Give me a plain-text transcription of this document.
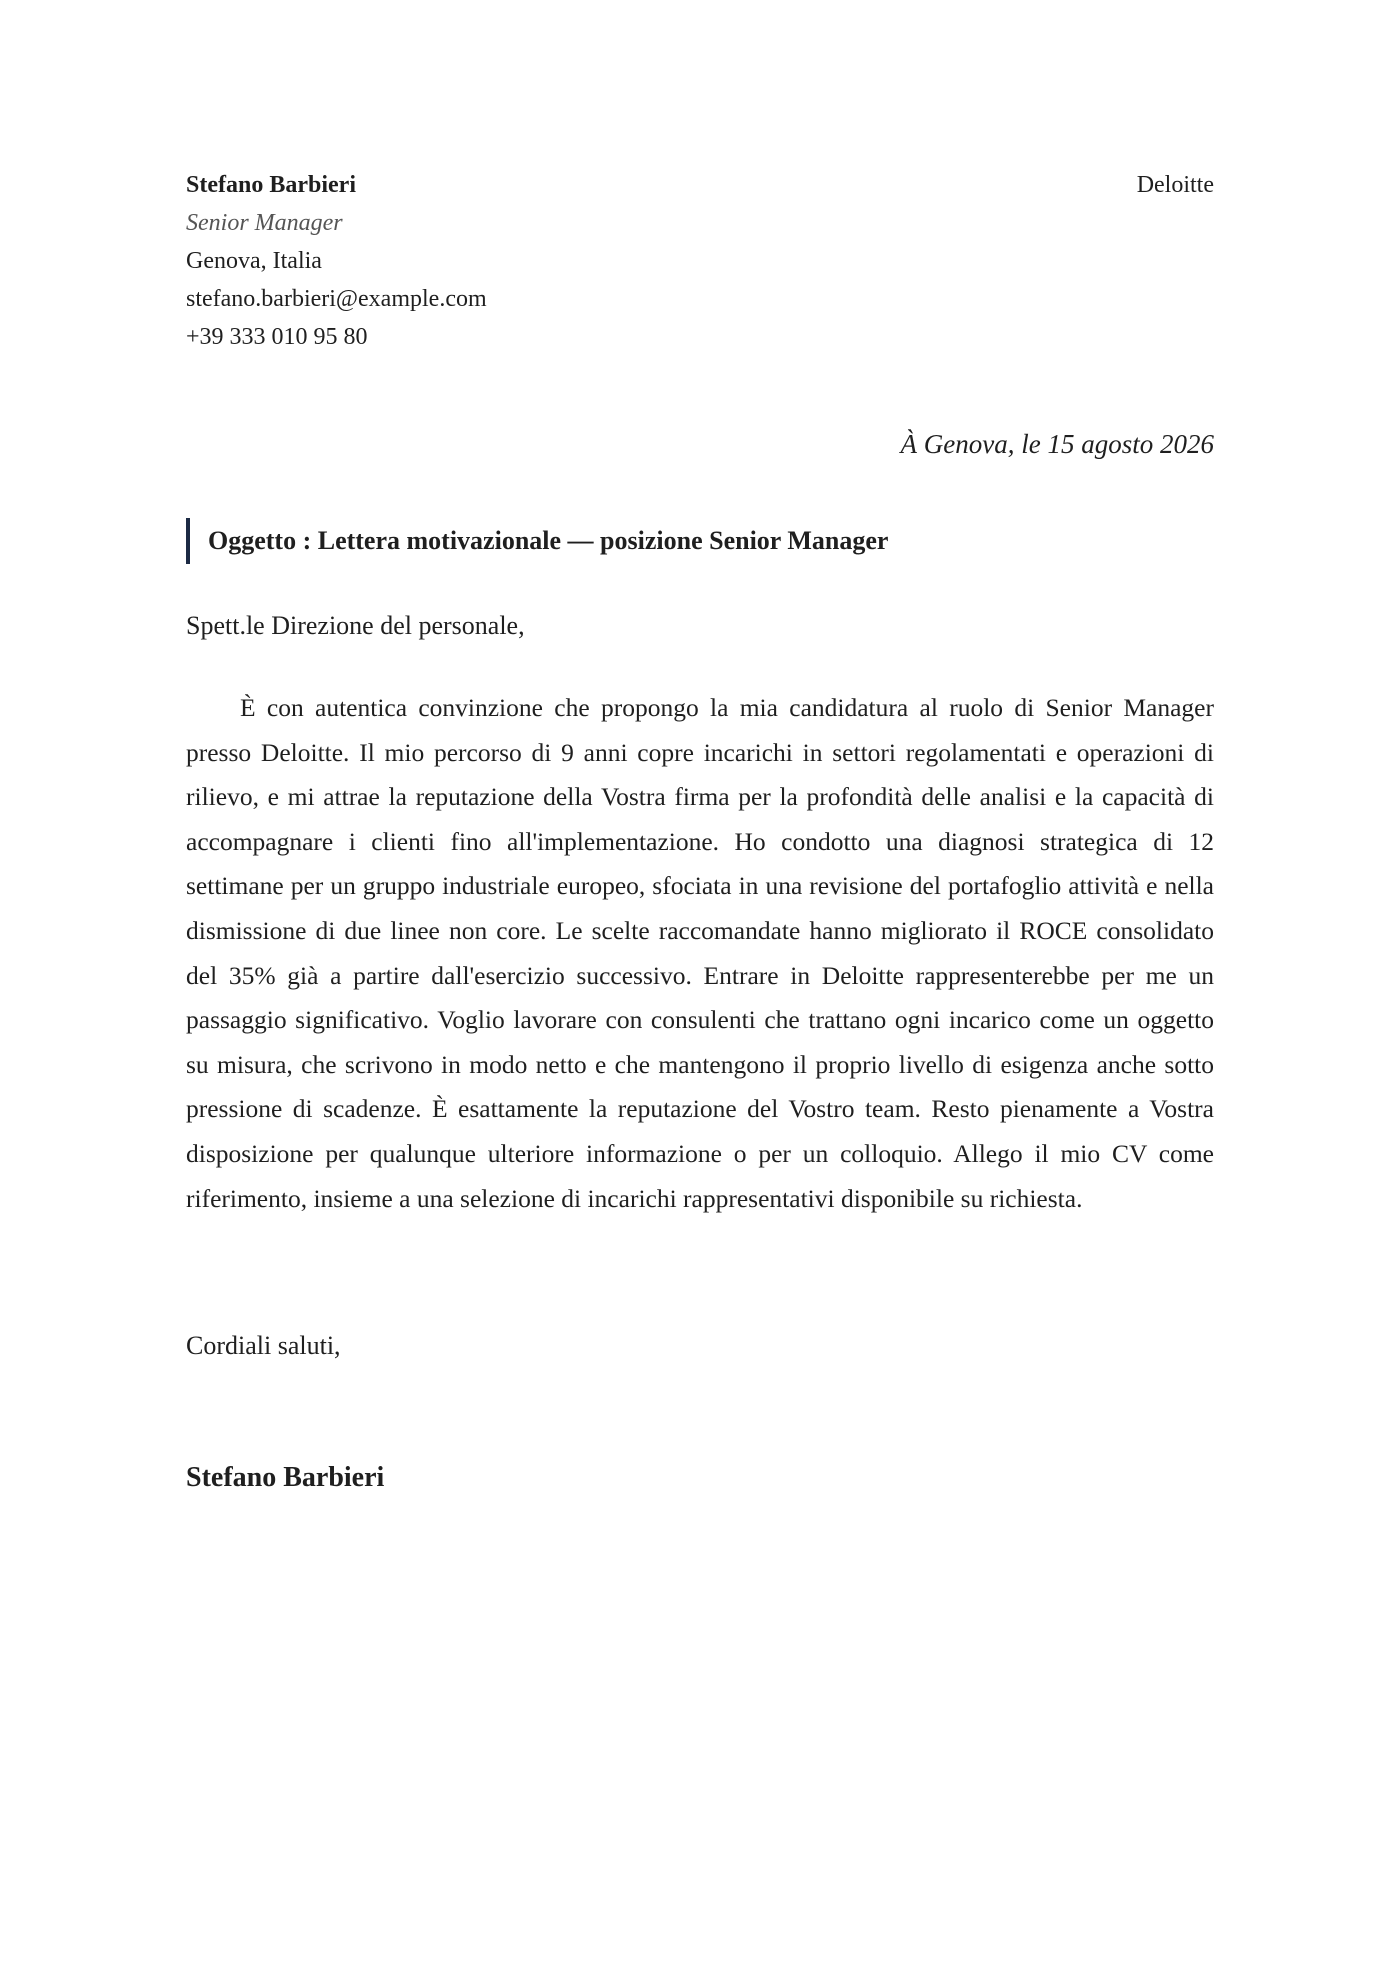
Stefano Barbieri
Senior Manager
Genova, Italia
stefano.barbieri@example.com
+39 333 010 95 80
Deloitte
À Genova, le 15 agosto 2026
Oggetto : Lettera motivazionale — posizione Senior Manager
Spett.le Direzione del personale,

È con autentica convinzione che propongo la mia candidatura al ruolo di Senior Manager presso Deloitte. Il mio percorso di 9 anni copre incarichi in settori regolamentati e operazioni di rilievo, e mi attrae la reputazione della Vostra firma per la profondità delle analisi e la capacità di accompagnare i clienti fino all'implementazione. Ho condotto una diagnosi strategica di 12 settimane per un gruppo industriale europeo, sfociata in una revisione del portafoglio attività e nella dismissione di due linee non core. Le scelte raccomandate hanno migliorato il ROCE consolidato del 35% già a partire dall'esercizio successivo. Entrare in Deloitte rappresenterebbe per me un passaggio significativo. Voglio lavorare con consulenti che trattano ogni incarico come un oggetto su misura, che scrivono in modo netto e che mantengono il proprio livello di esigenza anche sotto pressione di scadenze. È esattamente la reputazione del Vostro team. Resto pienamente a Vostra disposizione per qualunque ulteriore informazione o per un colloquio. Allego il mio CV come riferimento, insieme a una selezione di incarichi rappresentativi disponibile su richiesta.

Cordiali saluti,
Stefano Barbieri
